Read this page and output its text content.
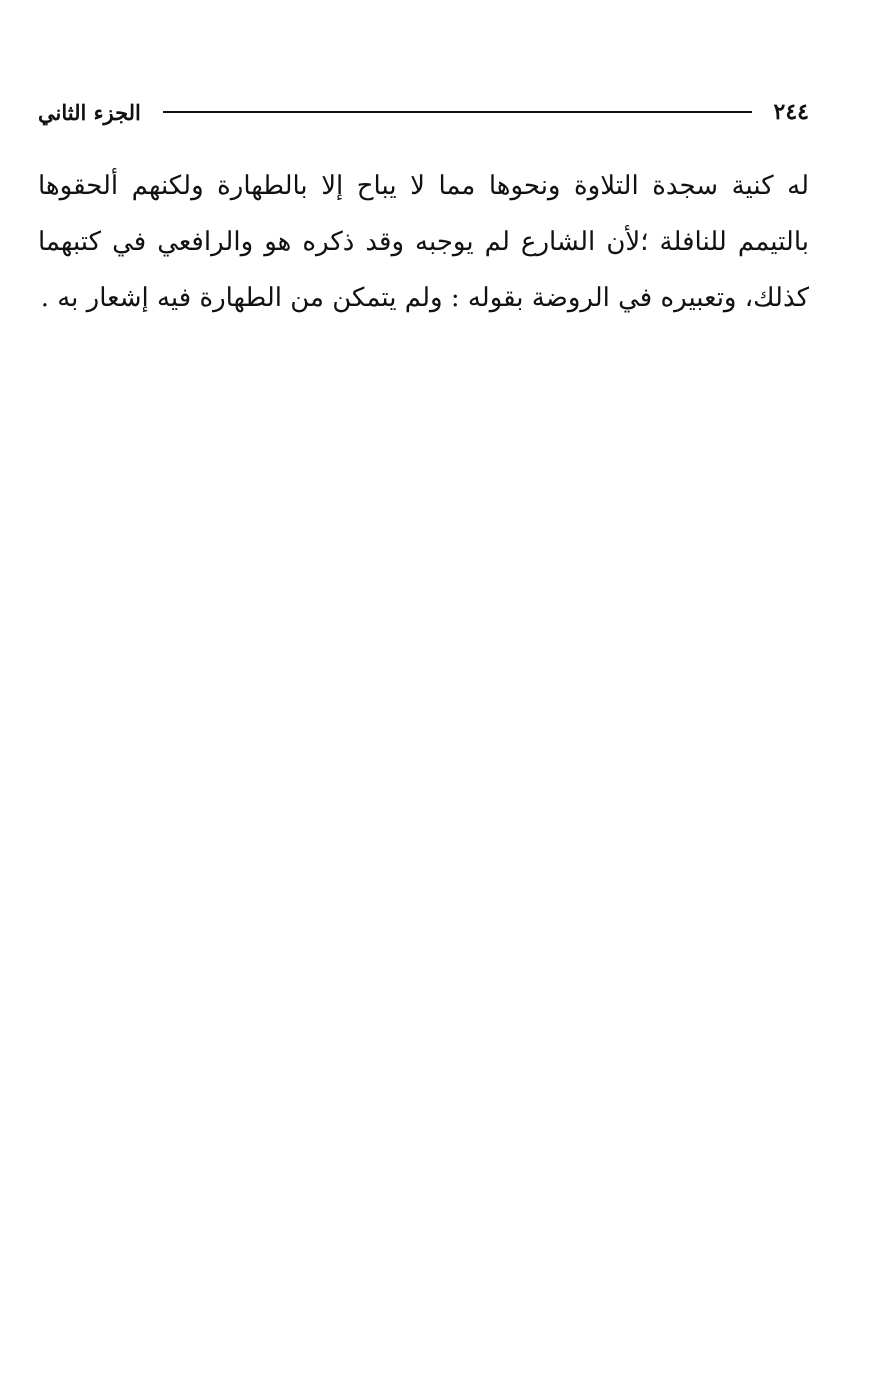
٢٤٤
الجزء الثاني
له كنية سجدة التلاوة ونحوها مما لا يباح إلا بالطهارة ولكنهم ألحقوها
بالتيمم للنافلة ؛لأن الشارع لم يوجبه وقد ذكره هو والرافعي في كتبهما
كذلك، وتعبيره في الروضة بقوله : ولم يتمكن من الطهارة فيه إشعار به .
